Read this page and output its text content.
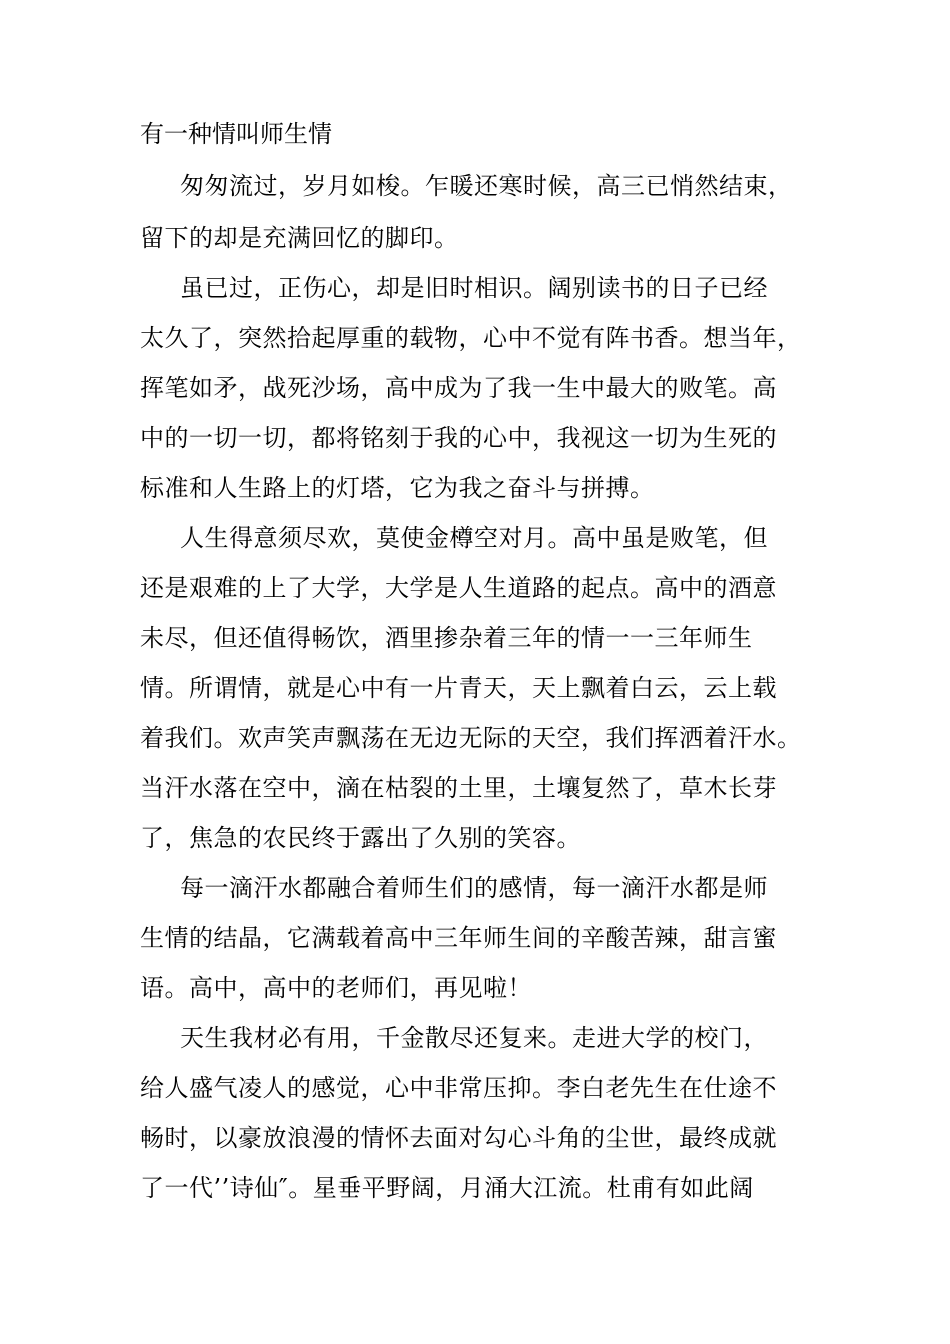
有一种情叫师生情
匆匆流过，岁月如梭。乍暖还寒时候，高三已悄然结束，
留下的却是充满回忆的脚印。
虽已过，正伤心，却是旧时相识。阔别读书的日子已经
太久了，突然拾起厚重的载物，心中不觉有阵书香。想当年，
挥笔如矛，战死沙场，高中成为了我一生中最大的败笔。高
中的一切一切，都将铭刻于我的心中，我视这一切为生死的
标准和人生路上的灯塔，它为我之奋斗与拼搏。
人生得意须尽欢，莫使金樽空对月。高中虽是败笔，但
还是艰难的上了大学，大学是人生道路的起点。高中的酒意
未尽，但还值得畅饮，酒里掺杂着三年的情一一三年师生
情。所谓情，就是心中有一片青天，天上飘着白云，云上载
着我们。欢声笑声飘荡在无边无际的天空，我们挥洒着汗水。
当汗水落在空中，滴在枯裂的土里，土壤复然了，草木长芽
了，焦急的农民终于露出了久别的笑容。
每一滴汗水都融合着师生们的感情，每一滴汗水都是师
生情的结晶，它满载着高中三年师生间的辛酸苦辣，甜言蜜
语。高中，高中的老师们，再见啦！
天生我材必有用，千金散尽还复来。走进大学的校门，
给人盛气凌人的感觉，心中非常压抑。李白老先生在仕途不
畅时，以豪放浪漫的情怀去面对勾心斗角的尘世，最终成就
了一代’’诗仙″。星垂平野阔，月涌大江流。杜甫有如此阔
